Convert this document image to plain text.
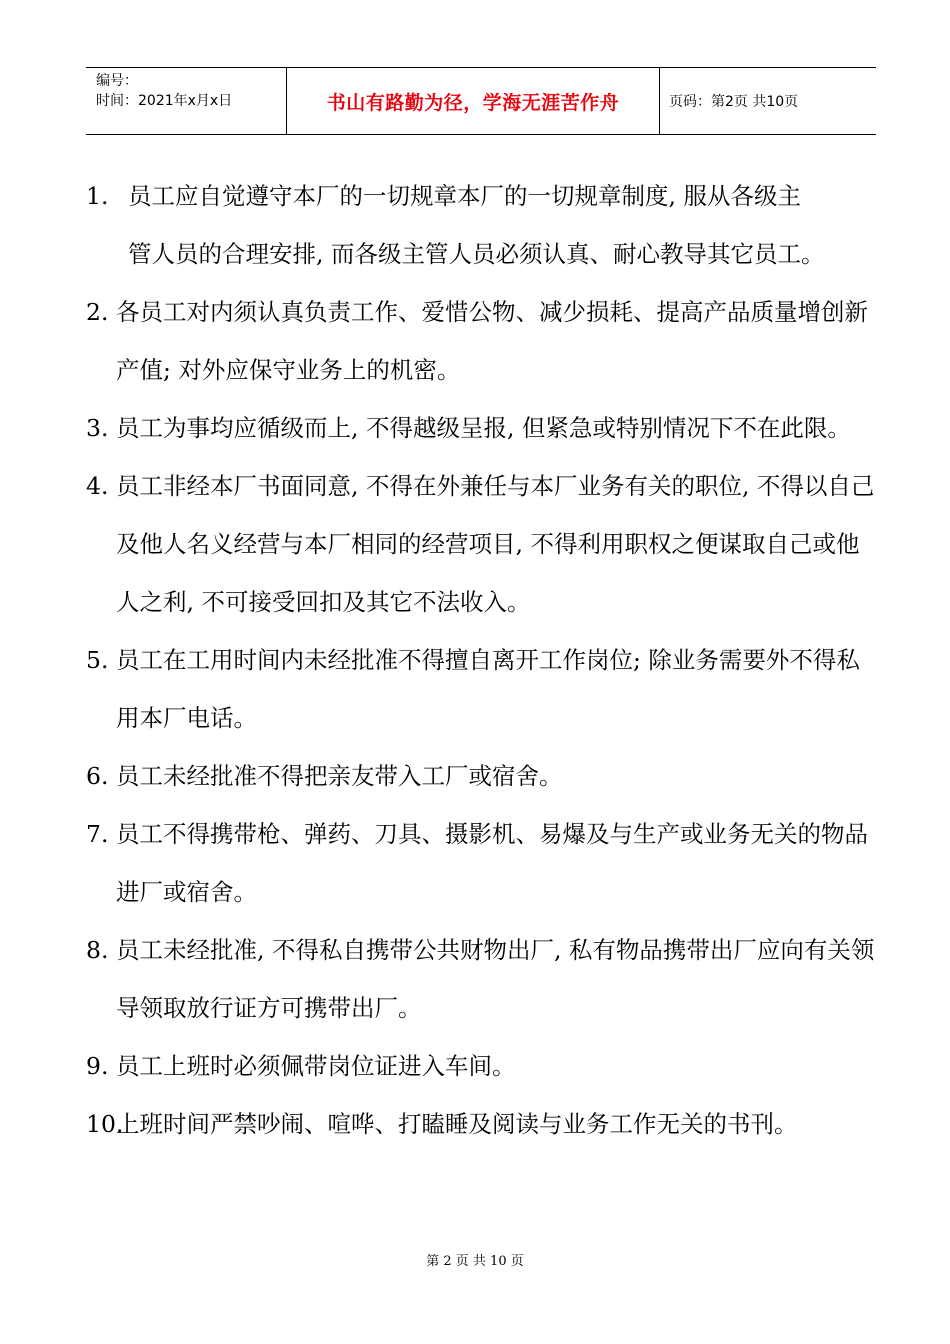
编号：
时间：2021年x月x日	书山有路勤为径，学海无涯苦作舟	页码：第2页 共10页
1. 员工应自觉遵守本厂的一切规章本厂的一切规章制度, 服从各级主
管人员的合理安排, 而各级主管人员必须认真、耐心教导其它员工。
2. 各员工对内须认真负责工作、爱惜公物、减少损耗、提高产品质量增创新产值; 对外应保守业务上的机密。
3. 员工为事均应循级而上, 不得越级呈报, 但紧急或特别情况下不在此限。
4. 员工非经本厂书面同意, 不得在外兼任与本厂业务有关的职位, 不得以自己及他人名义经营与本厂相同的经营项目, 不得利用职权之便谋取自己或他人之利, 不可接受回扣及其它不法收入。
5. 员工在工用时间内未经批准不得擅自离开工作岗位; 除业务需要外不得私用本厂电话。
6. 员工未经批准不得把亲友带入工厂或宿舍。
7. 员工不得携带枪、弹药、刀具、摄影机、易爆及与生产或业务无关的物品进厂或宿舍。
8. 员工未经批准, 不得私自携带公共财物出厂, 私有物品携带出厂应向有关领导领取放行证方可携带出厂。
9. 员工上班时必须佩带岗位证进入车间。
10.
上班时间严禁吵闹、喧哗、打瞌睡及阅读与业务工作无关的书刊。
第 2 页 共 10 页
